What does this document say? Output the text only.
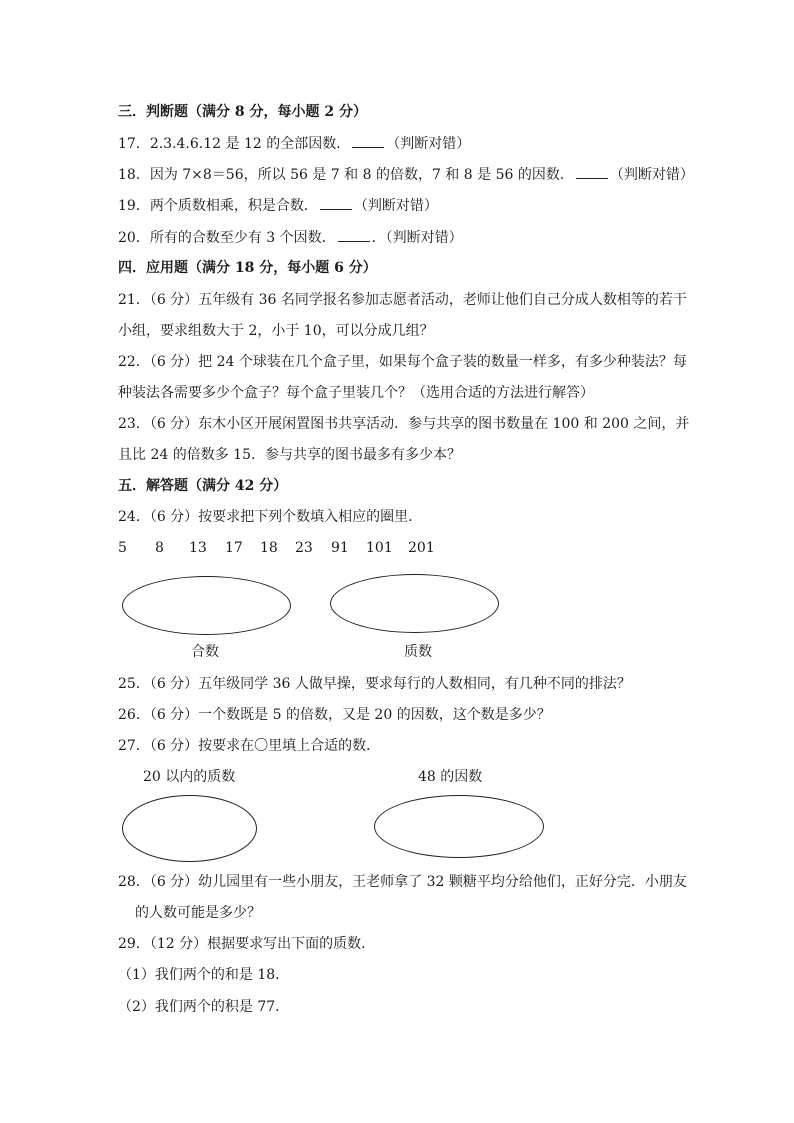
三．判断题（满分 8 分，每小题 2 分）
17．2.3.4.6.12 是 12 的全部因数．	（判断对错）
18．因为 7×8＝56，所以 56 是 7 和 8 的倍数，7 和 8 是 56 的因数．	（判断对错）
19．两个质数相乘，积是合数．	（判断对错）
20．所有的合数至少有 3 个因数．	．（判断对错）
四．应用题（满分 18 分，每小题 6 分）
21．（6 分）五年级有 36 名同学报名参加志愿者活动，老师让他们自己分成人数相等的若干
小组，要求组数大于 2，小于 10，可以分成几组？
22．（6 分）把 24 个球装在几个盒子里，如果每个盒子装的数量一样多，有多少种装法？每
种装法各需要多少个盒子？每个盒子里装几个？（选用合适的方法进行解答）
23．（6 分）东木小区开展闲置图书共享活动．参与共享的图书数量在 100 和 200 之间，并
且比 24 的倍数多 15．参与共享的图书最多有多少本？
五．解答题（满分 42 分）
24．（6 分）按要求把下列个数填入相应的圈里．
5 8 13 17 18 23 91 101 201
合数	质数
25．（6 分）五年级同学 36 人做早操，要求每行的人数相同，有几种不同的排法？
26．（6 分）一个数既是 5 的倍数，又是 20 的因数，这个数是多少？
27．（6 分）按要求在〇里填上合适的数．
20 以内的质数	48 的因数
28．（6 分）幼儿园里有一些小朋友，王老师拿了 32 颗糖平均分给他们，正好分完．小朋友
的人数可能是多少？
29．（12 分）根据要求写出下面的质数．
（1）我们两个的和是 18．
（2）我们两个的积是 77．
